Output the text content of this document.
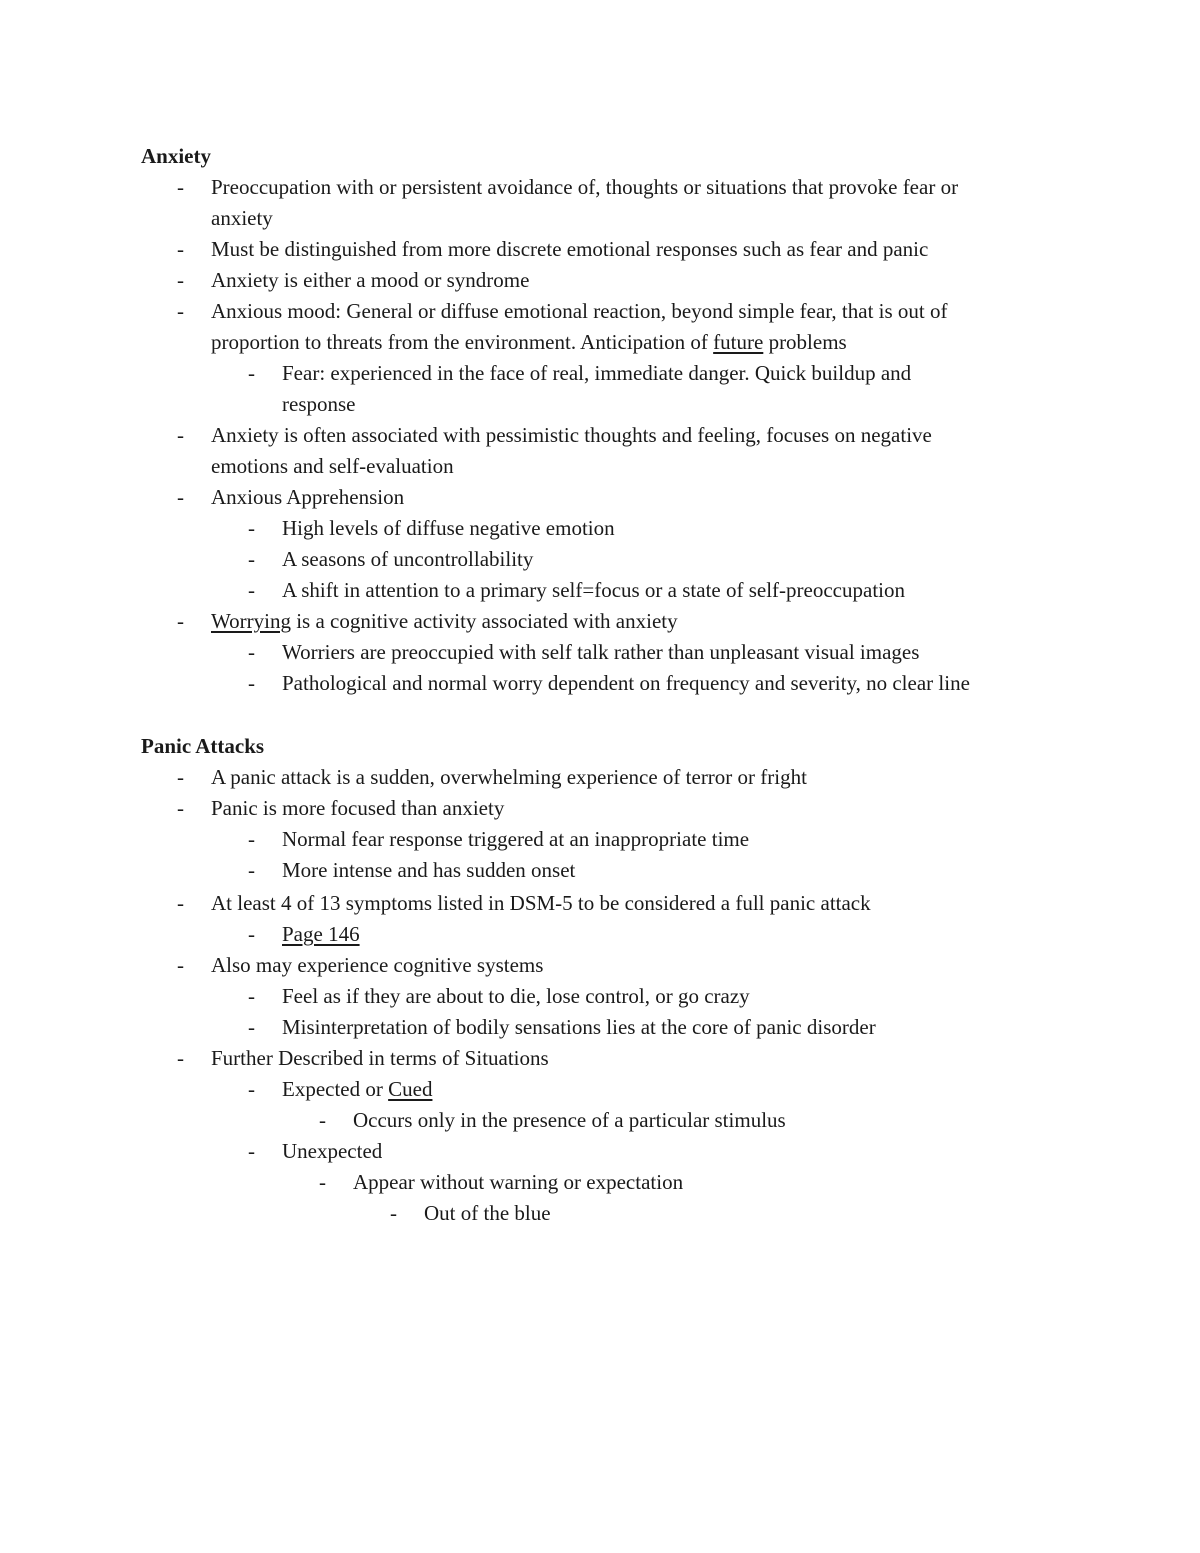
Anxiety
- Preoccupation with or persistent avoidance of, thoughts or situations that provoke fear or
anxiety
- Must be distinguished from more discrete emotional responses such as fear and panic
- Anxiety is either a mood or syndrome
- Anxious mood: General or diffuse emotional reaction, beyond simple fear, that is out of
proportion to threats from the environment. Anticipation of future problems
- Fear: experienced in the face of real, immediate danger. Quick buildup and
response
- Anxiety is often associated with pessimistic thoughts and feeling, focuses on negative
emotions and self-evaluation
- Anxious Apprehension
- High levels of diffuse negative emotion
- A seasons of uncontrollability
- A shift in attention to a primary self=focus or a state of self-preoccupation
- Worrying is a cognitive activity associated with anxiety
- Worriers are preoccupied with self talk rather than unpleasant visual images
- Pathological and normal worry dependent on frequency and severity, no clear line
Panic Attacks
- A panic attack is a sudden, overwhelming experience of terror or fright
- Panic is more focused than anxiety
- Normal fear response triggered at an inappropriate time
- More intense and has sudden onset
- At least 4 of 13 symptoms listed in DSM-5 to be considered a full panic attack
- Page 146
- Also may experience cognitive systems
- Feel as if they are about to die, lose control, or go crazy
- Misinterpretation of bodily sensations lies at the core of panic disorder
- Further Described in terms of Situations
- Expected or Cued
- Occurs only in the presence of a particular stimulus
- Unexpected
- Appear without warning or expectation
- Out of the blue
